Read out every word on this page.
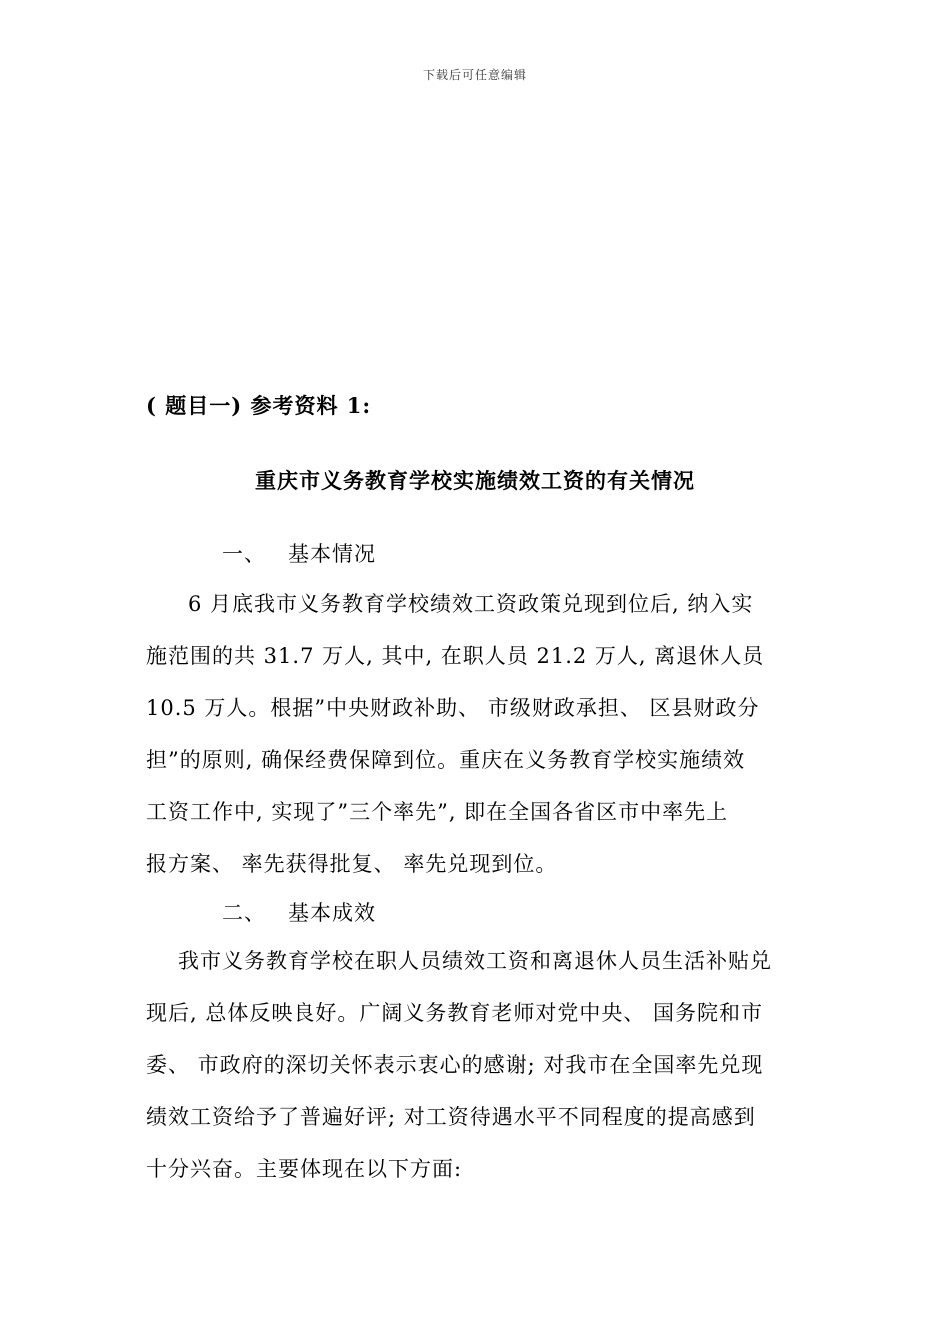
下载后可任意编辑
( 题目一) 参考资料 1:
重庆市义务教育学校实施绩效工资的有关情况
一、 基本情况
6 月底我市义务教育学校绩效工资政策兑现到位后, 纳入实
施范围的共 31.7 万人, 其中, 在职人员 21.2 万人, 离退休人员
10.5 万人。根据”中央财政补助、 市级财政承担、 区县财政分
担”的原则, 确保经费保障到位。重庆在义务教育学校实施绩效
工资工作中, 实现了”三个率先”, 即在全国各省区市中率先上
报方案、 率先获得批复、 率先兑现到位。
二、 基本成效
我市义务教育学校在职人员绩效工资和离退休人员生活补贴兑
现后, 总体反映良好。广阔义务教育老师对党中央、 国务院和市
委、 市政府的深切关怀表示衷心的感谢; 对我市在全国率先兑现
绩效工资给予了普遍好评; 对工资待遇水平不同程度的提高感到
十分兴奋。主要体现在以下方面:
